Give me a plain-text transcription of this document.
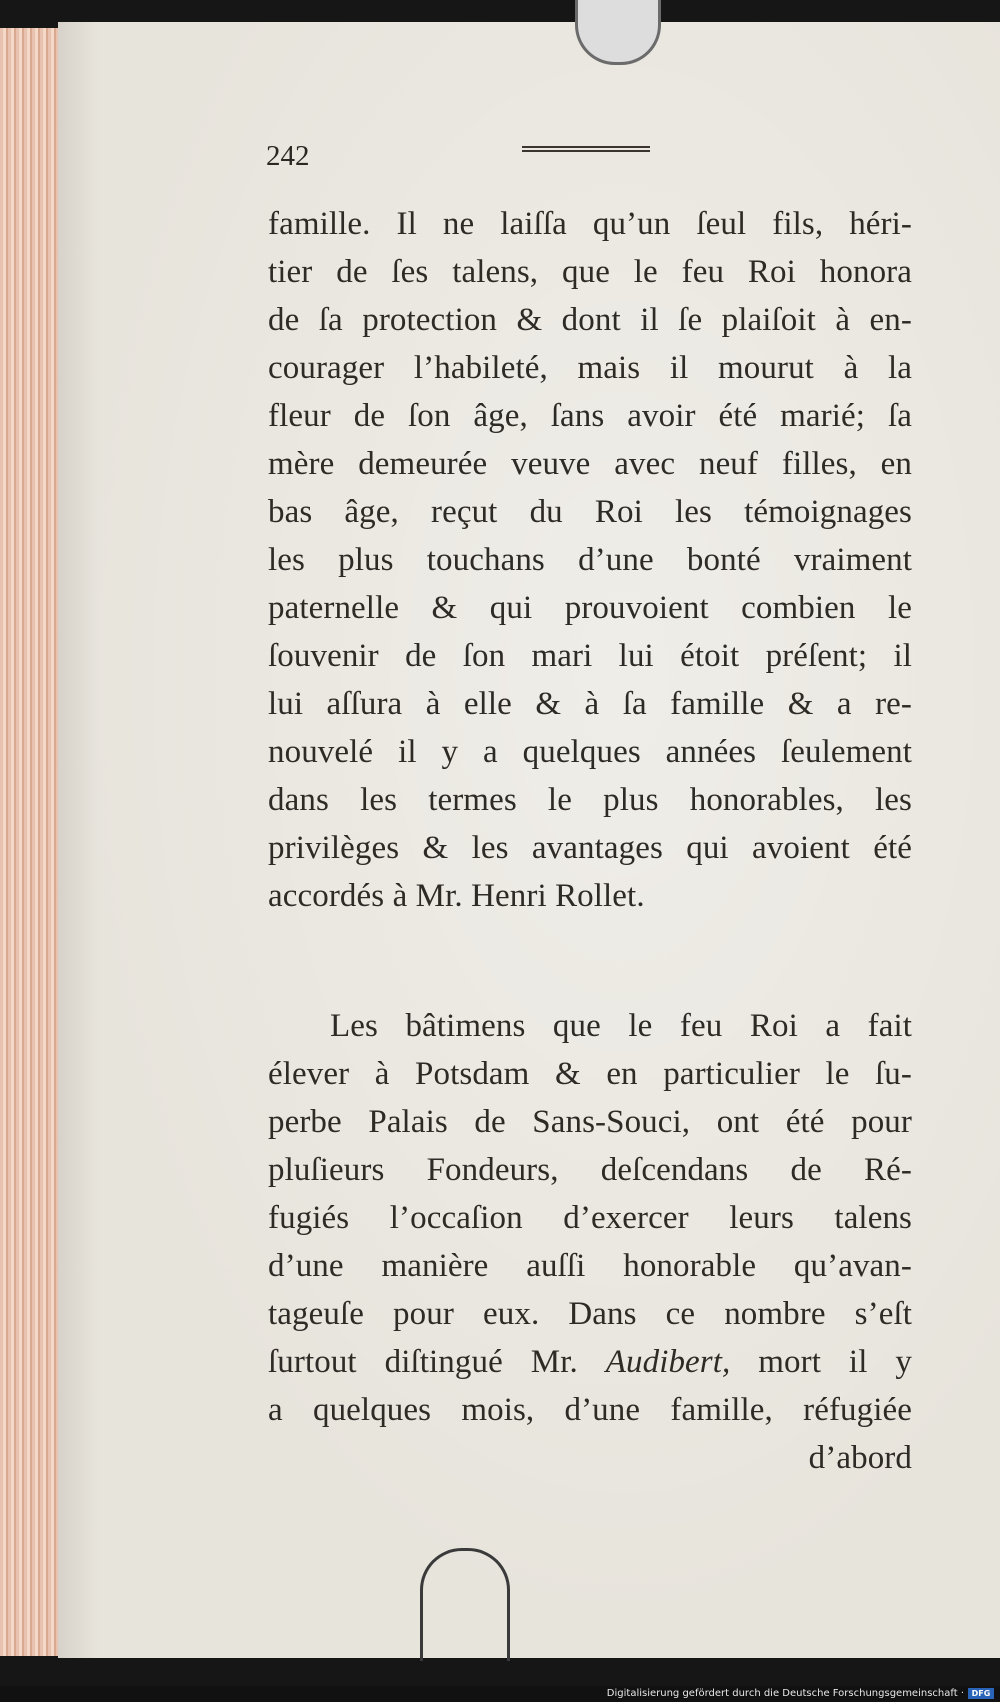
242
famille. Il ne laiſſa qu’un ſeul fils, héri-
tier de ſes talens, que le feu Roi honora
de ſa protection & dont il ſe plaiſoit à en-
courager l’habileté, mais il mourut à la
fleur de ſon âge, ſans avoir été marié; ſa
mère demeurée veuve avec neuf filles, en
bas âge, reçut du Roi les témoignages
les plus touchans d’une bonté vraiment
paternelle & qui prouvoient combien le
ſouvenir de ſon mari lui étoit préſent; il
lui aſſura à elle & à ſa famille & a re-
nouvelé il y a quelques années ſeulement
dans les termes le plus honorables, les
privilèges & les avantages qui avoient été
accordés à Mr. Henri Rollet.
Les bâtimens que le feu Roi a fait
élever à Potsdam & en particulier le ſu-
perbe Palais de Sans-Souci, ont été pour
pluſieurs Fondeurs, deſcendans de Ré-
fugiés l’occaſion d’exercer leurs talens
d’une manière auſſi honorable qu’avan-
tageuſe pour eux. Dans ce nombre s’eſt
ſurtout diſtingué Mr. Audibert, mort il y
a quelques mois, d’une famille, réfugiée
d’abord
Digitalisierung gefördert durch die Deutsche Forschungsgemeinschaft · DFG
